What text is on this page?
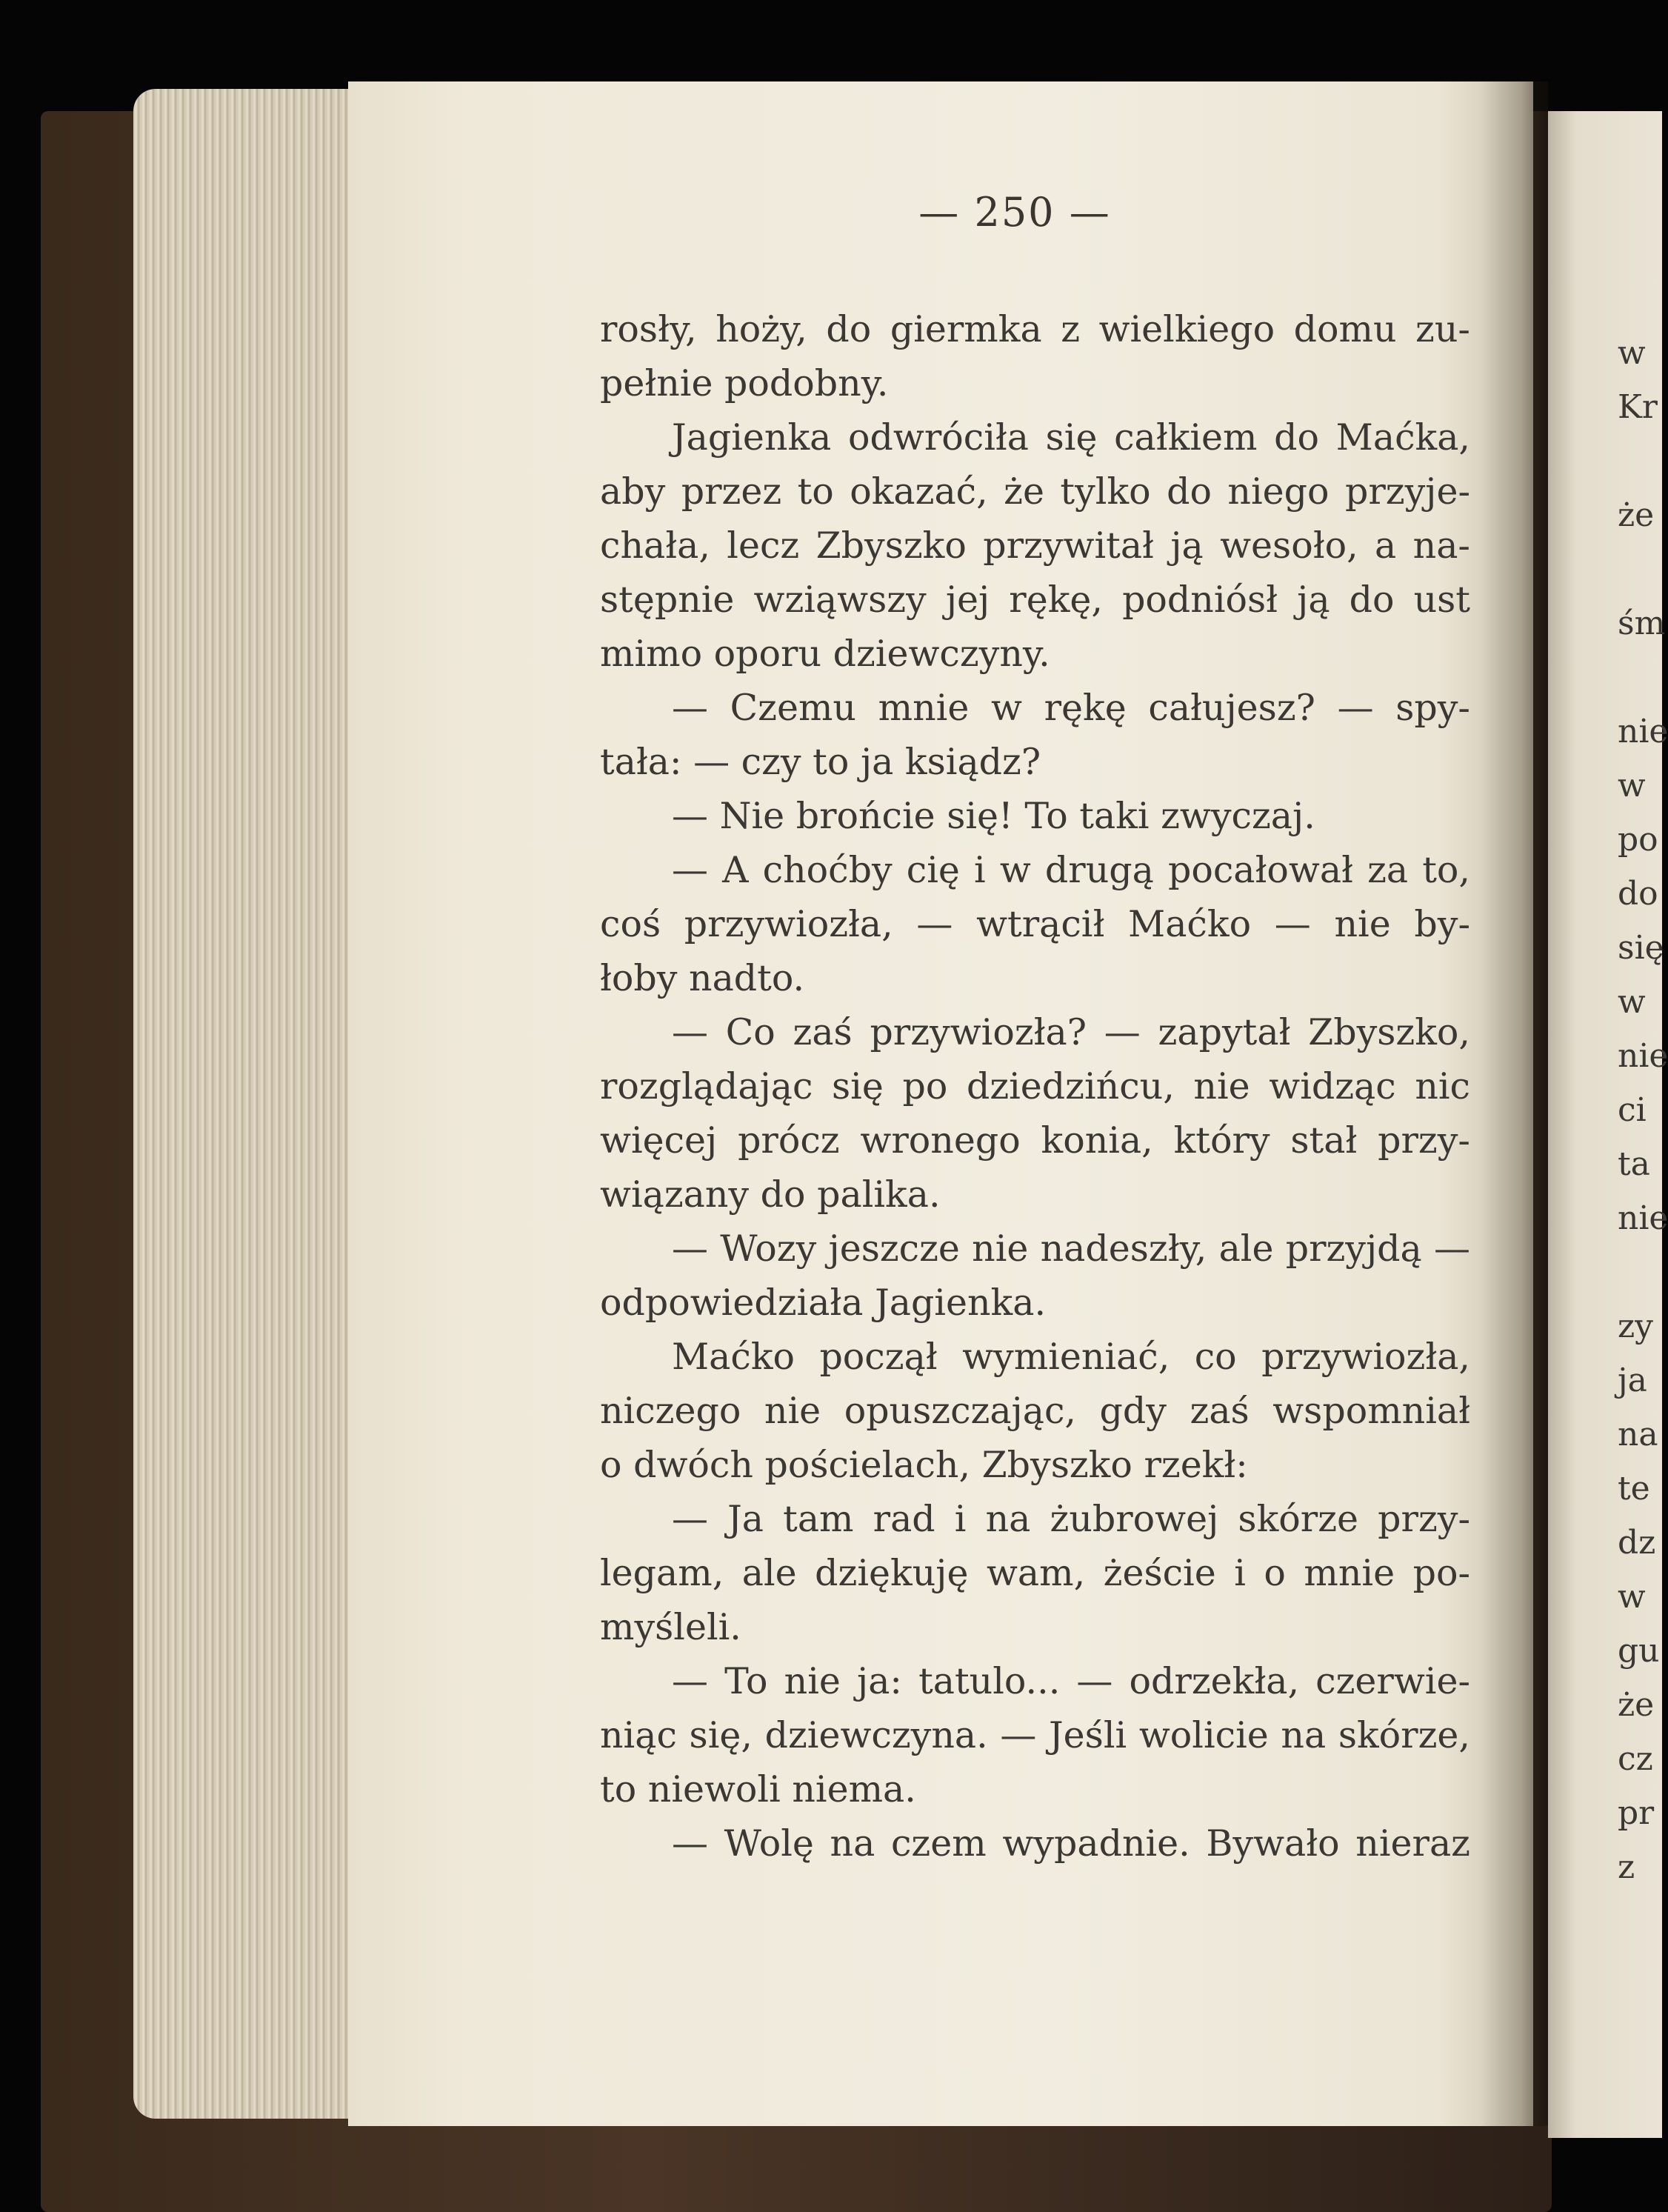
— 250 —
rosły, hoży, do giermka z wielkiego domu zu-
pełnie podobny.
Jagienka odwróciła się całkiem do Maćka,
aby przez to okazać, że tylko do niego przyje-
chała, lecz Zbyszko przywitał ją wesoło, a na-
stępnie wziąwszy jej rękę, podniósł ją do ust
mimo oporu dziewczyny.
— Czemu mnie w rękę całujesz? — spy-
tała: — czy to ja ksiądz?
— Nie brońcie się! To taki zwyczaj.
— A choćby cię i w drugą pocałował za to,
coś przywiozła, — wtrącił Maćko — nie by-
łoby nadto.
— Co zaś przywiozła? — zapytał Zbyszko,
rozglądając się po dziedzińcu, nie widząc nic
więcej prócz wronego konia, który stał przy-
wiązany do palika.
— Wozy jeszcze nie nadeszły, ale przyjdą —
odpowiedziała Jagienka.
Maćko począł wymieniać, co przywiozła,
niczego nie opuszczając, gdy zaś wspomniał
o dwóch pościelach, Zbyszko rzekł:
— Ja tam rad i na żubrowej skórze przy-
legam, ale dziękuję wam, żeście i o mnie po-
myśleli.
— To nie ja: tatulo... — odrzekła, czerwie-
niąc się, dziewczyna. — Jeśli wolicie na skórze,
to niewoli niema.
— Wolę na czem wypadnie. Bywało nieraz
w
Kr
że
śm
nie
w
po
do
się
w
nie
ci
ta
nie
zy
ja
na
te
dz
w
gu
że
cz
pr
z
